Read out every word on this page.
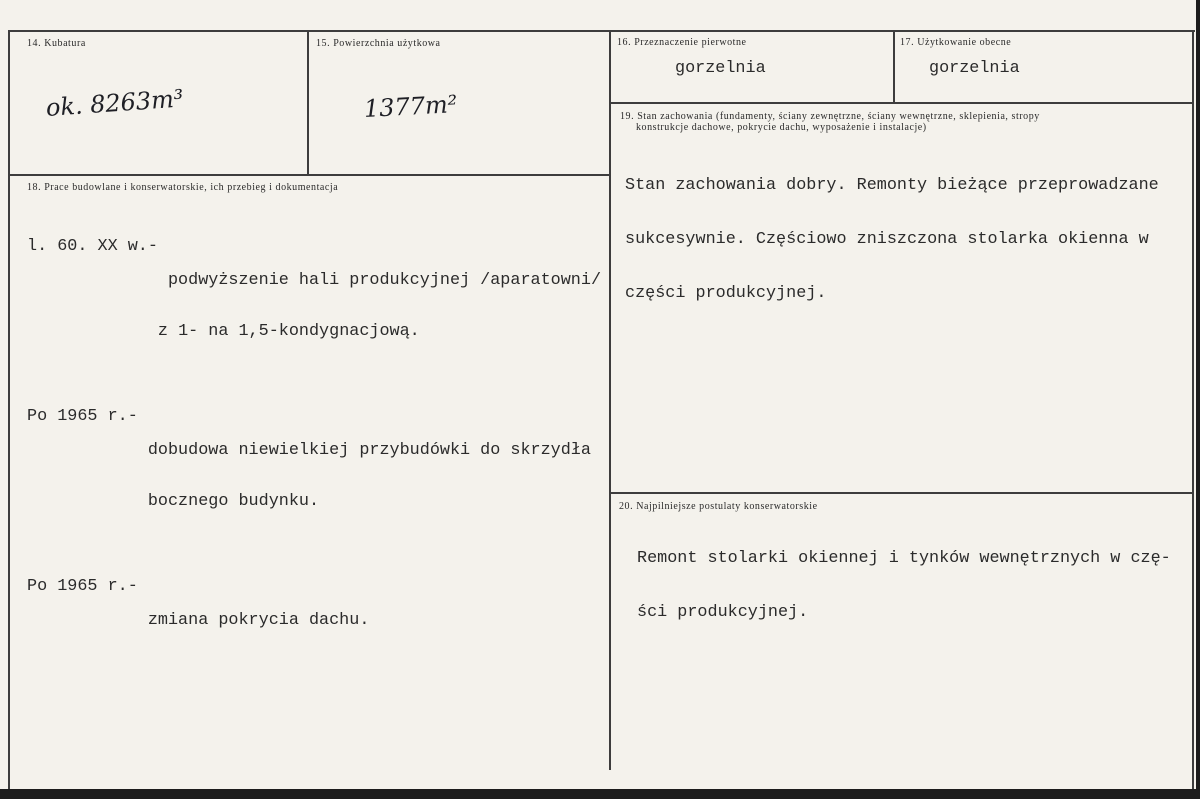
14. Kubatura
ok. 8263m³
15. Powierzchnia użytkowa
1377m²
16. Przeznaczenie pierwotne
gorzelnia
17. Użytkowanie obecne
gorzelnia
19. Stan zachowania (fundamenty, ściany zewnętrzne, ściany wewnętrzne, sklepienia, stropy
konstrukcje dachowe, pokrycie dachu, wyposażenie i instalacje)

Stan zachowania dobry. Remonty bieżące przeprowadzane

sukcesywnie. Częściowo zniszczona stolarka okienna w

części produkcyjnej.

18. Prace budowlane i konserwatorskie, ich przebieg i dokumentacja

l. 60. XX w.-

podwyższenie hali produkcyjnej /aparatowni/

z 1- na 1,5-kondygnacjową.

Po 1965 r.-

dobudowa niewielkiej przybudówki do skrzydła

bocznego budynku.

Po 1965 r.-

zmiana pokrycia dachu.

20. Najpilniejsze postulaty konserwatorskie

Remont stolarki okiennej i tynków wewnętrznych w czę-

ści produkcyjnej.
